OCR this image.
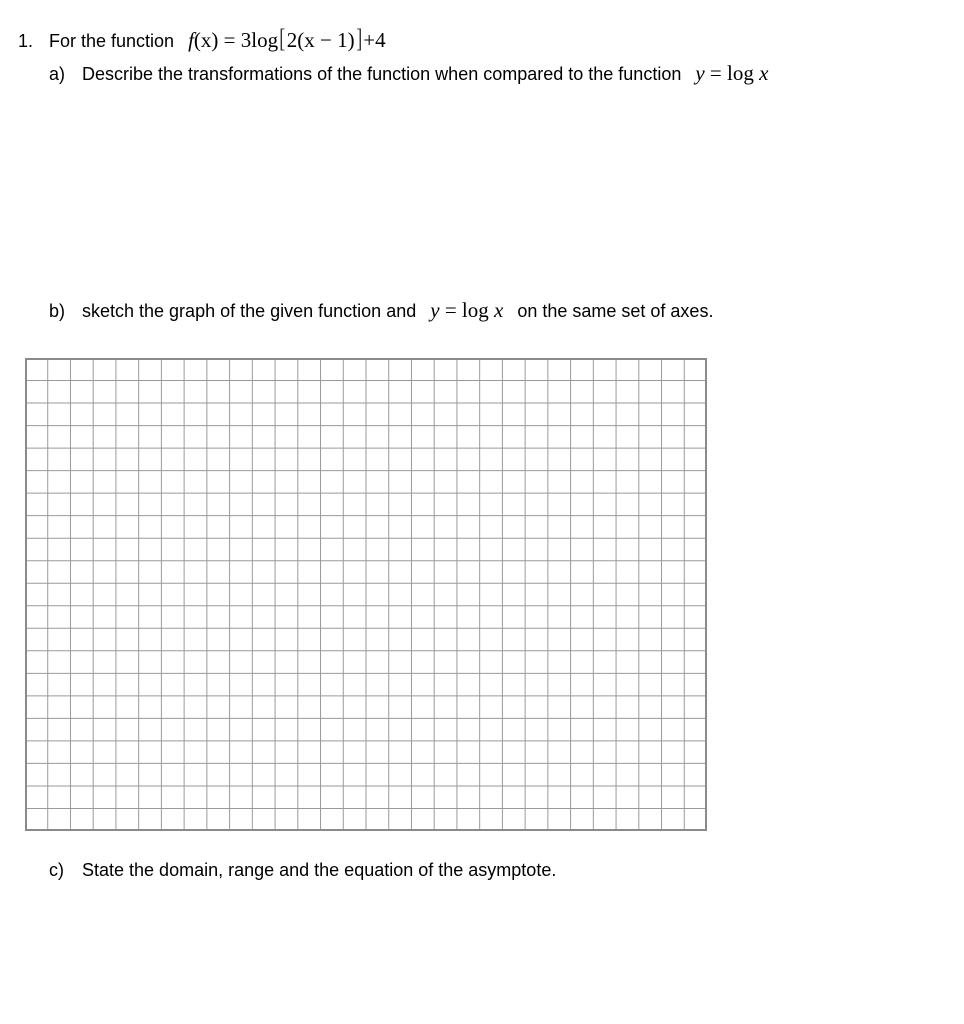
1. For the function f(x) = 3log[2(x − 1)]+4
a) Describe the transformations of the function when compared to the function y = log x
b) sketch the graph of the given function and y = log x on the same set of axes.
c)	State the domain, range and the equation of the asymptote.
